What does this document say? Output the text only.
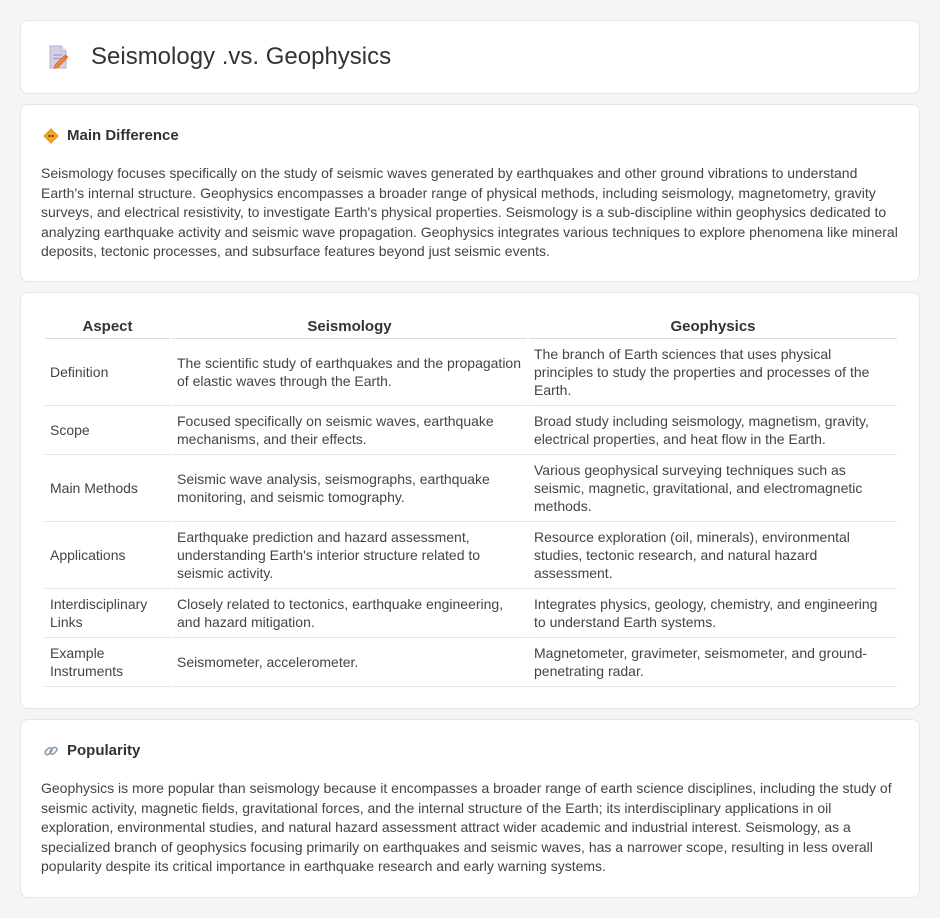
Seismology .vs. Geophysics
Main Difference

Seismology focuses specifically on the study of seismic waves generated by earthquakes and other ground vibrations to understand Earth's internal structure. Geophysics encompasses a broader range of physical methods, including seismology, magnetometry, gravity surveys, and electrical resistivity, to investigate Earth's physical properties. Seismology is a sub-discipline within geophysics dedicated to analyzing earthquake activity and seismic wave propagation. Geophysics integrates various techniques to explore phenomena like mineral deposits, tectonic processes, and subsurface features beyond just seismic events.

Aspect	Seismology	Geophysics
Definition	The scientific study of earthquakes and the propagation of elastic waves through the Earth.	The branch of Earth sciences that uses physical principles to study the properties and processes of the Earth.
Scope	Focused specifically on seismic waves, earthquake mechanisms, and their effects.	Broad study including seismology, magnetism, gravity, electrical properties, and heat flow in the Earth.
Main Methods	Seismic wave analysis, seismographs, earthquake monitoring, and seismic tomography.	Various geophysical surveying techniques such as seismic, magnetic, gravitational, and electromagnetic methods.
Applications	Earthquake prediction and hazard assessment, understanding Earth's interior structure related to seismic activity.	Resource exploration (oil, minerals), environmental studies, tectonic research, and natural hazard assessment.
Interdisciplinary Links	Closely related to tectonics, earthquake engineering, and hazard mitigation.	Integrates physics, geology, chemistry, and engineering to understand Earth systems.
Example Instruments	Seismometer, accelerometer.	Magnetometer, gravimeter, seismometer, and ground-penetrating radar.
Popularity

Geophysics is more popular than seismology because it encompasses a broader range of earth science disciplines, including the study of seismic activity, magnetic fields, gravitational forces, and the internal structure of the Earth; its interdisciplinary applications in oil exploration, environmental studies, and natural hazard assessment attract wider academic and industrial interest. Seismology, as a specialized branch of geophysics focusing primarily on earthquakes and seismic waves, has a narrower scope, resulting in less overall popularity despite its critical importance in earthquake research and early warning systems.
